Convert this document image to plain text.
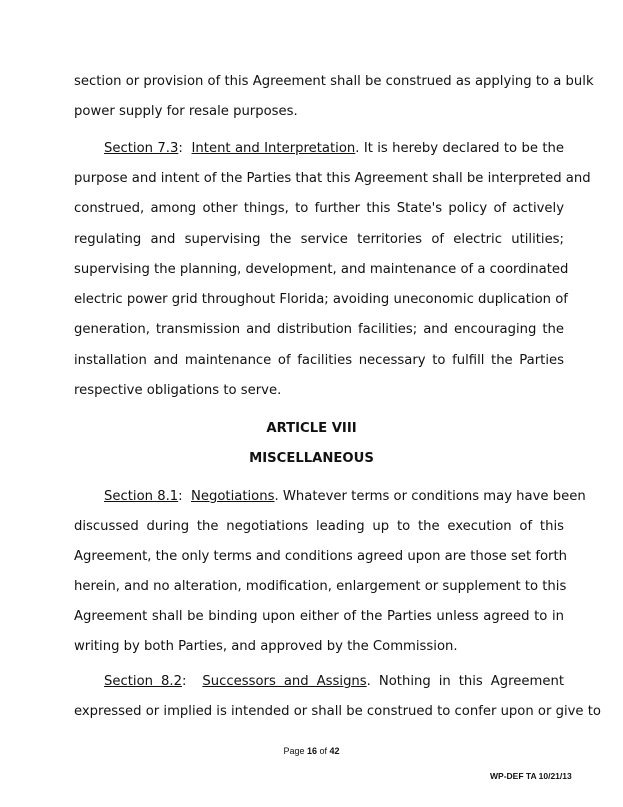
section or provision of this Agreement shall be construed as applying to a bulk
power supply for resale purposes.
Section 7.3: Intent and Interpretation. It is hereby declared to be the
purpose and intent of the Parties that this Agreement shall be interpreted and
construed, among other things, to further this State's policy of actively
regulating and supervising the service territories of electric utilities;
supervising the planning, development, and maintenance of a coordinated
electric power grid throughout Florida; avoiding uneconomic duplication of
generation, transmission and distribution facilities; and encouraging the
installation and maintenance of facilities necessary to fulfill the Parties
respective obligations to serve.
ARTICLE VIII
MISCELLANEOUS
Section 8.1: Negotiations. Whatever terms or conditions may have been
discussed during the negotiations leading up to the execution of this
Agreement, the only terms and conditions agreed upon are those set forth
herein, and no alteration, modification, enlargement or supplement to this
Agreement shall be binding upon either of the Parties unless agreed to in
writing by both Parties, and approved by the Commission.
Section 8.2: Successors and Assigns. Nothing in this Agreement
expressed or implied is intended or shall be construed to confer upon or give to
Page 16 of 42
WP-DEF TA 10/21/13
